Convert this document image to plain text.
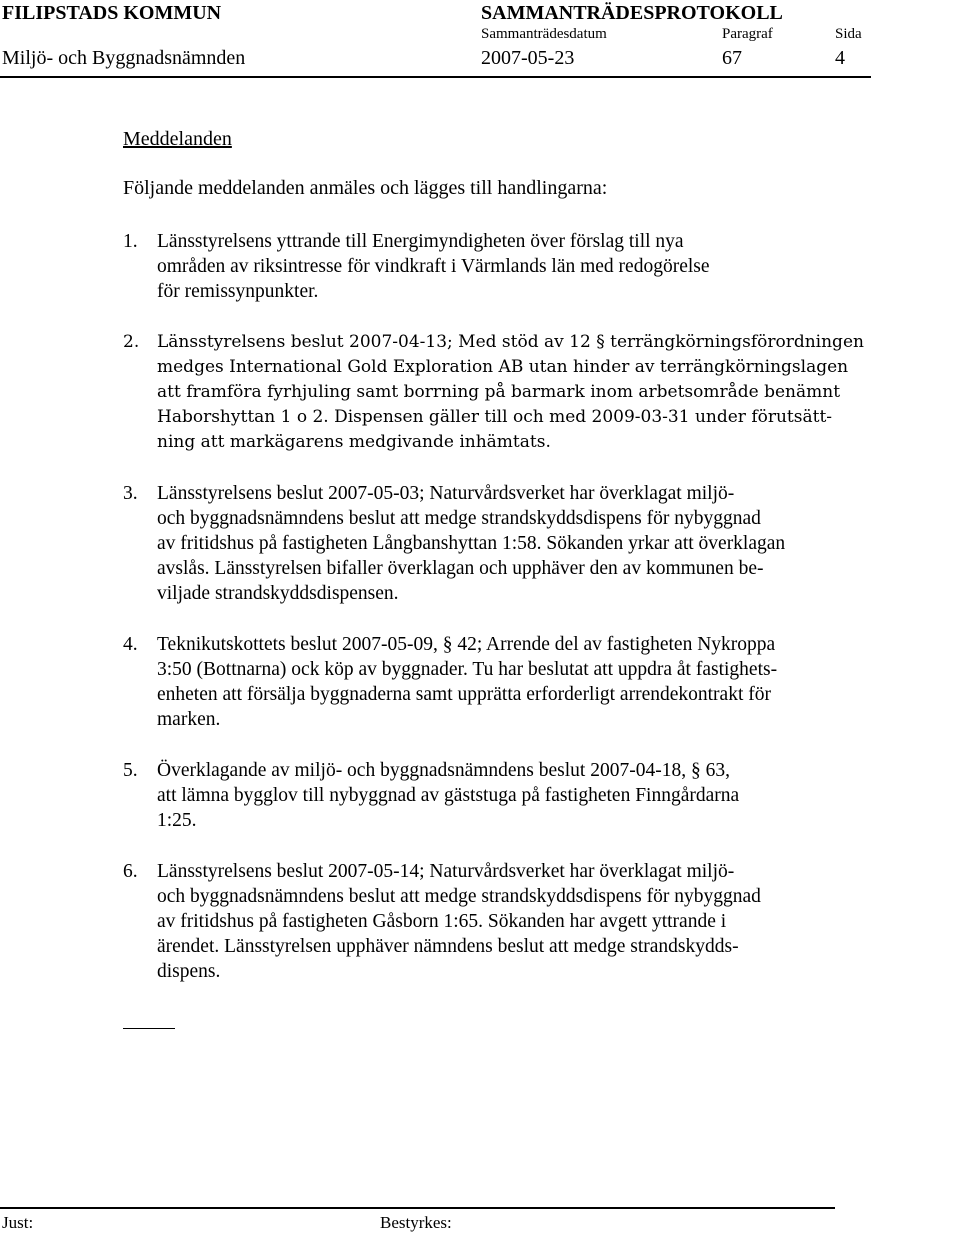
FILIPSTADS KOMMUN	SAMMANTRÄDESPROTOKOLL
Sammanträdesdatum	Paragraf	Sida
Miljö- och Byggnadsnämnden	2007-05-23	67	4
Meddelanden
Följande meddelanden anmäles och lägges till handlingarna:
1. Länsstyrelsens yttrande till Energimyndigheten över förslag till nya
områden av riksintresse för vindkraft i Värmlands län med redogörelse
för remissynpunkter.
2. Länsstyrelsens beslut 2007-04-13; Med stöd av 12 § terrängkörningsförordningen
medges International Gold Exploration AB utan hinder av terrängkörningslagen
att framföra fyrhjuling samt borrning på barmark inom arbetsområde benämnt
Haborshyttan 1 o 2. Dispensen gäller till och med 2009-03-31 under förutsätt-
ning att markägarens medgivande inhämtats.
3. Länsstyrelsens beslut 2007-05-03; Naturvårdsverket har överklagat miljö-
och byggnadsnämndens beslut att medge strandskyddsdispens för nybyggnad
av fritidshus på fastigheten Långbanshyttan 1:58. Sökanden yrkar att överklagan
avslås. Länsstyrelsen bifaller överklagan och upphäver den av kommunen be-
viljade strandskyddsdispensen.
4. Teknikutskottets beslut 2007-05-09, § 42; Arrende del av fastigheten Nykroppa
3:50 (Bottnarna) ock köp av byggnader. Tu har beslutat att uppdra åt fastighets-
enheten att försälja byggnaderna samt upprätta erforderligt arrendekontrakt för
marken.
5. Överklagande av miljö- och byggnadsnämndens beslut 2007-04-18, § 63,
att lämna bygglov till nybyggnad av gäststuga på fastigheten Finngårdarna
1:25.
6. Länsstyrelsens beslut 2007-05-14; Naturvårdsverket har överklagat miljö-
och byggnadsnämndens beslut att medge strandskyddsdispens för nybyggnad
av fritidshus på fastigheten Gåsborn 1:65. Sökanden har avgett yttrande i
ärendet. Länsstyrelsen upphäver nämndens beslut att medge strandskydds-
dispens.
Just:	Bestyrkes:
